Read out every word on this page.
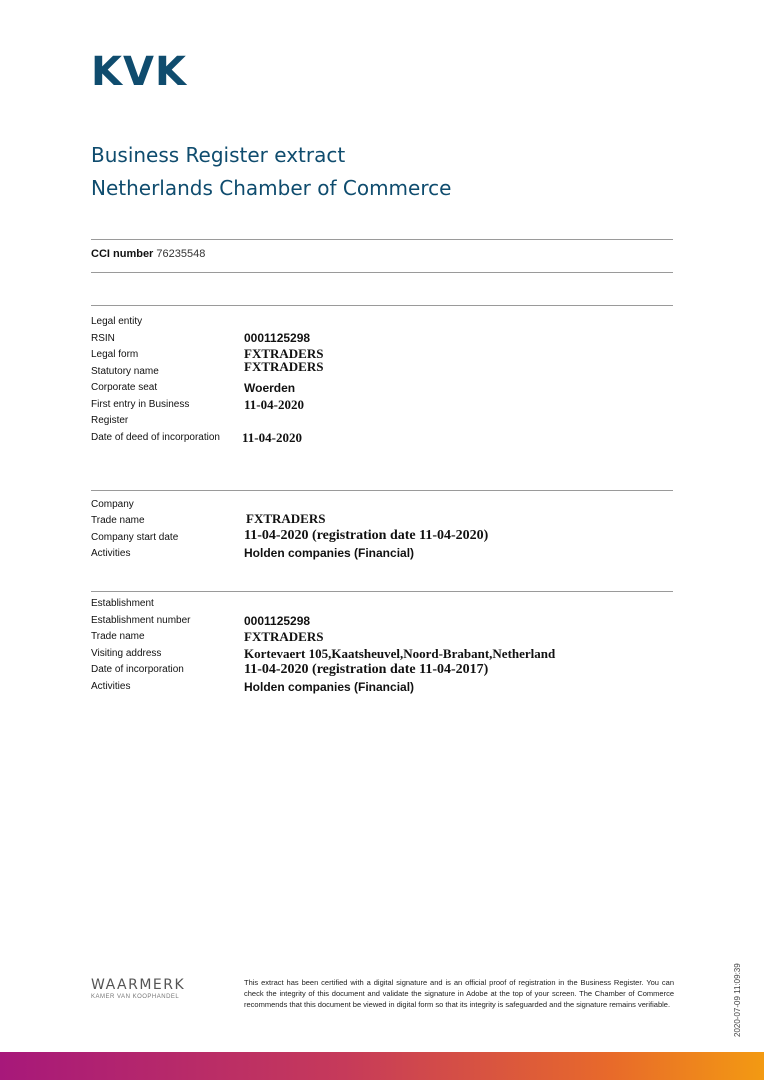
KVK
Business Register extract
Netherlands Chamber of Commerce
CCI number 76235548
Legal entity
RSIN	0001125298
Legal form	FXTRADERS
Statutory name	FXTRADERS
Corporate seat	Woerden
First entry in Business	11-04-2020
Register
Date of deed of incorporation 11-04-2020
Company
Trade name	FXTRADERS
Company start date	11-04-2020 (registration date 11-04-2020)
Activities	Holden companies (Financial)
Establishment
Establishment number	0001125298
Trade name	FXTRADERS
Visiting address	Kortevaert 105,Kaatsheuvel,Noord-Brabant,Netherland
Date of incorporation	11-04-2020 (registration date 11-04-2017)
Activities	Holden companies (Financial)
WAARMERK
KAMER VAN KOOPHANDEL
This extract has been certified with a digital signature and is an official proof of registration in the Business Register. You can check the integrity of this document and validate the signature in Adobe at the top of your screen. The Chamber of Commerce recommends that this document be viewed in digital form so that its integrity is safeguarded and the signature remains verifiable.	2020-07-09 11:09:39
